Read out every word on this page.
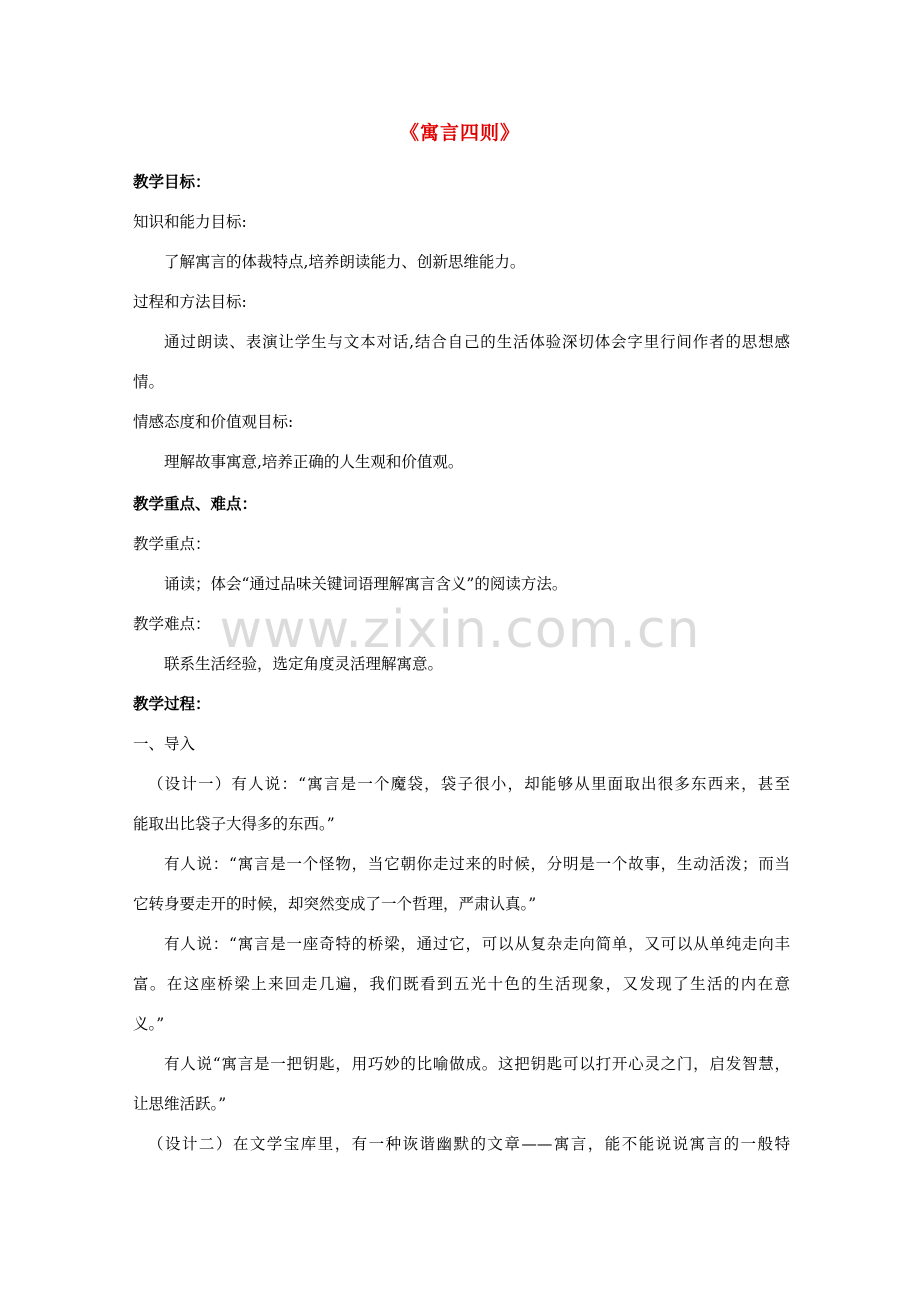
《寓言四则》
教学目标：
知识和能力目标:
了解寓言的体裁特点,培养朗读能力、创新思维能力。
过程和方法目标:
通过朗读、表演让学生与文本对话,结合自己的生活体验深切体会字里行间作者的思想感
情。
情感态度和价值观目标:
理解故事寓意,培养正确的人生观和价值观。
教学重点、难点：
教学重点：
诵读；体会“通过品味关键词语理解寓言含义”的阅读方法。
教学难点：
联系生活经验，选定角度灵活理解寓意。
教学过程：
一、导入
（设计一）有人说：“寓言是一个魔袋，袋子很小，却能够从里面取出很多东西来，甚至
能取出比袋子大得多的东西。”
有人说：“寓言是一个怪物，当它朝你走过来的时候，分明是一个故事，生动活泼；而当
它转身要走开的时候，却突然变成了一个哲理，严肃认真。”
有人说：“寓言是一座奇特的桥梁，通过它，可以从复杂走向简单，又可以从单纯走向丰
富。在这座桥梁上来回走几遍，我们既看到五光十色的生活现象，又发现了生活的内在意
义。”
有人说“寓言是一把钥匙，用巧妙的比喻做成。这把钥匙可以打开心灵之门，启发智慧，
让思维活跃。”
（设计二）在文学宝库里，有一种诙谐幽默的文章——寓言，能不能说说寓言的一般特
www.zixin.com.cn
